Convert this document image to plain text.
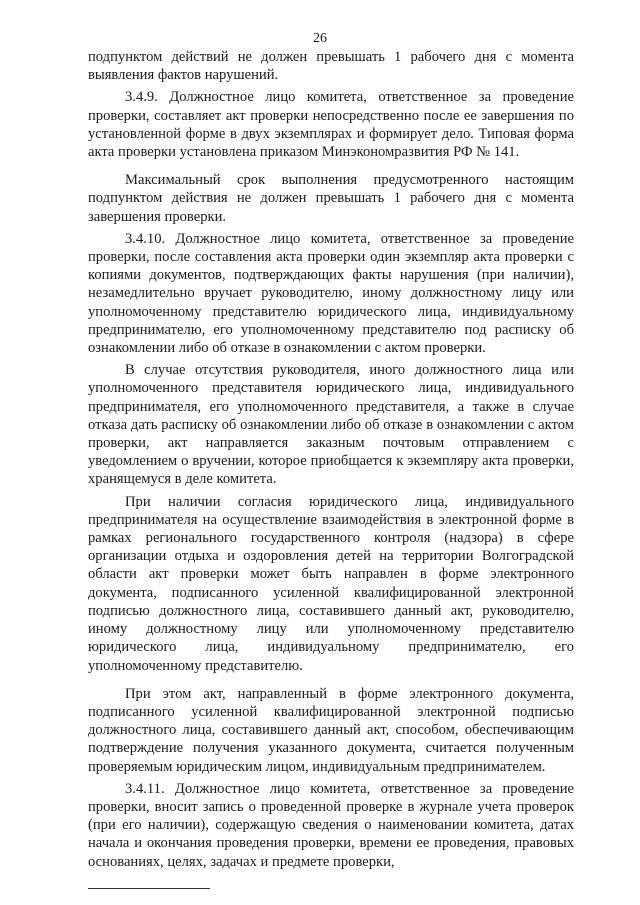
26

подпунктом действий не должен превышать 1 рабочего дня с момента выявления фактов нарушений.

3.4.9. Должностное лицо комитета, ответственное за проведение проверки, составляет акт проверки непосредственно после ее завершения по установленной форме в двух экземплярах и формирует дело. Типовая форма акта проверки установлена приказом Минэкономразвития РФ № 141.

Максимальный срок выполнения предусмотренного настоящим подпунктом действия не должен превышать 1 рабочего дня с момента завершения проверки.

3.4.10. Должностное лицо комитета, ответственное за проведение проверки, после составления акта проверки один экземпляр акта проверки с копиями документов, подтверждающих факты нарушения (при наличии), незамедлительно вручает руководителю, иному должностному лицу или уполномоченному представителю юридического лица, индивидуальному предпринимателю, его уполномоченному представителю под расписку об ознакомлении либо об отказе в ознакомлении с актом проверки.

В случае отсутствия руководителя, иного должностного лица или уполномоченного представителя юридического лица, индивидуального предпринимателя, его уполномоченного представителя, а также в случае отказа дать расписку об ознакомлении либо об отказе в ознакомлении с актом проверки, акт направляется заказным почтовым отправлением с уведомлением о вручении, которое приобщается к экземпляру акта проверки, хранящемуся в деле комитета.

При наличии согласия юридического лица, индивидуального предпринимателя на осуществление взаимодействия в электронной форме в рамках регионального государственного контроля (надзора) в сфере организации отдыха и оздоровления детей на территории Волгоградской области акт проверки может быть направлен в форме электронного документа, подписанного усиленной квалифицированной электронной подписью должностного лица, составившего данный акт, руководителю, иному должностному лицу или уполномоченному представителю юридического лица, индивидуальному предпринимателю, его уполномоченному представителю.

При этом акт, направленный в форме электронного документа, подписанного усиленной квалифицированной электронной подписью должностного лица, составившего данный акт, способом, обеспечивающим подтверждение получения указанного документа, считается полученным проверяемым юридическим лицом, индивидуальным предпринимателем.

3.4.11. Должностное лицо комитета, ответственное за проведение проверки, вносит запись о проведенной проверке в журнале учета проверок (при его наличии), содержащую сведения о наименовании комитета, датах начала и окончания проведения проверки, времени ее проведения, правовых основаниях, целях, задачах и предмете проверки,
